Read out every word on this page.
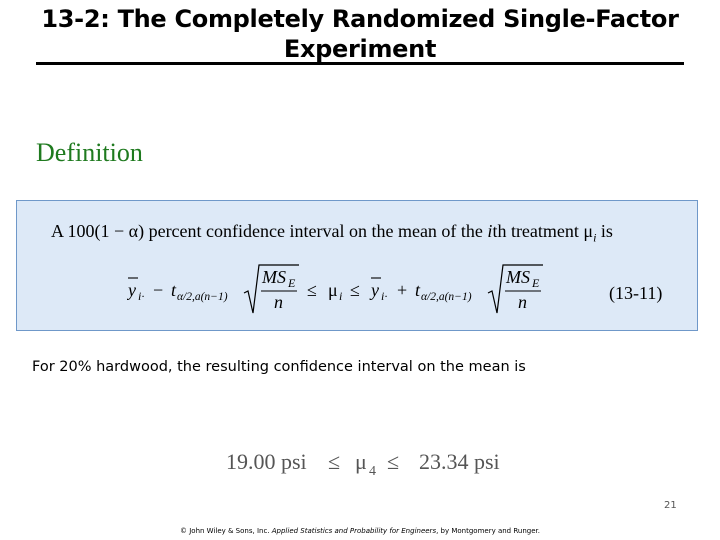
13-2: The Completely Randomized Single-Factor Experiment
Definition
A 100(1 − α) percent confidence interval on the mean of the ith treatment $\mu_i$ is
y i· − t α/2,a(n−1)
MS E
n
≤ μ i ≤ y i· + t α/2,a(n−1)
MS E
n	(13-11)
For 20% hardwood, the resulting confidence interval on the mean is
19.00 psi ≤ μ 4 ≤ 23.34 psi
21
© John Wiley & Sons, Inc. Applied Statistics and Probability for Engineers, by Montgomery and Runger.
